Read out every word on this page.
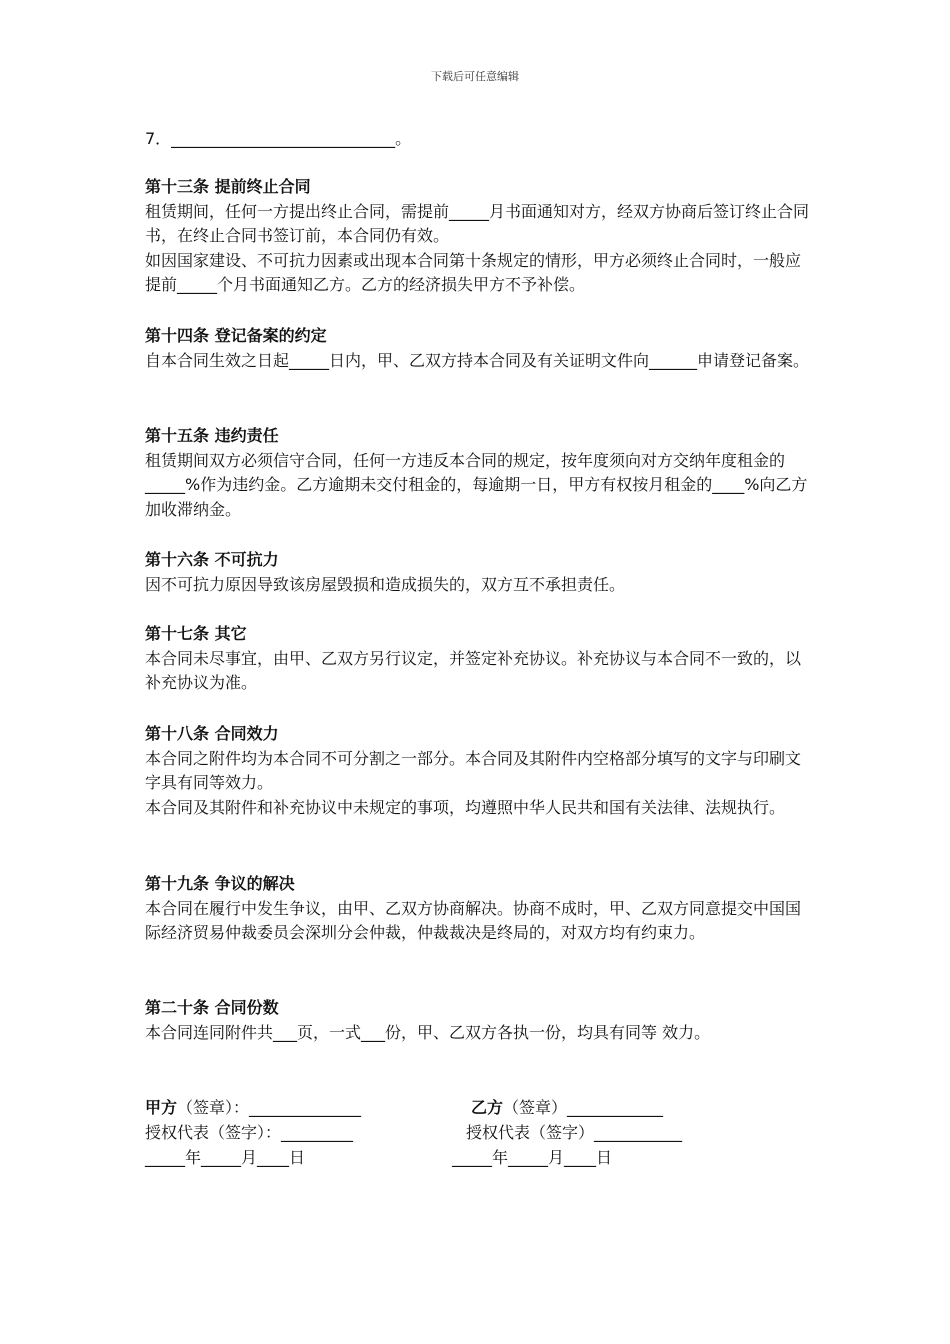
下载后可任意编辑
7．____________________________。
第十三条 提前终止合同

租赁期间，任何一方提出终止合同，需提前_____月书面通知对方，经双方协商后签订终止合同书，在终止合同书签订前，本合同仍有效。

如因国家建设、不可抗力因素或出现本合同第十条规定的情形，甲方必须终止合同时，一般应提前_____个月书面通知乙方。乙方的经济损失甲方不予补偿。

第十四条 登记备案的约定

自本合同生效之日起_____日内，甲、乙双方持本合同及有关证明文件向______申请登记备案。

第十五条 违约责任

租赁期间双方必须信守合同，任何一方违反本合同的规定，按年度须向对方交纳年度租金的_____%作为违约金。乙方逾期未交付租金的，每逾期一日，甲方有权按月租金的____%向乙方加收滞纳金。

第十六条 不可抗力

因不可抗力原因导致该房屋毁损和造成损失的，双方互不承担责任。

第十七条 其它

本合同未尽事宜，由甲、乙双方另行议定，并签定补充协议。补充协议与本合同不一致的，以补充协议为准。

第十八条 合同效力

本合同之附件均为本合同不可分割之一部分。本合同及其附件内空格部分填写的文字与印刷文字具有同等效力。

本合同及其附件和补充协议中未规定的事项，均遵照中华人民共和国有关法律、法规执行。

第十九条 争议的解决

本合同在履行中发生争议，由甲、乙双方协商解决。协商不成时，甲、乙双方同意提交中国国际经济贸易仲裁委员会深圳分会仲裁，仲裁裁决是终局的，对双方均有约束力。

第二十条 合同份数

本合同连同附件共___页，一式___份，甲、乙双方各执一份，均具有同等 效力。

甲方（签章）：______________	乙方（签章）____________
授权代表（签字）：_________	授权代表（签字）___________
_____年_____月____日	_____年_____月____日
